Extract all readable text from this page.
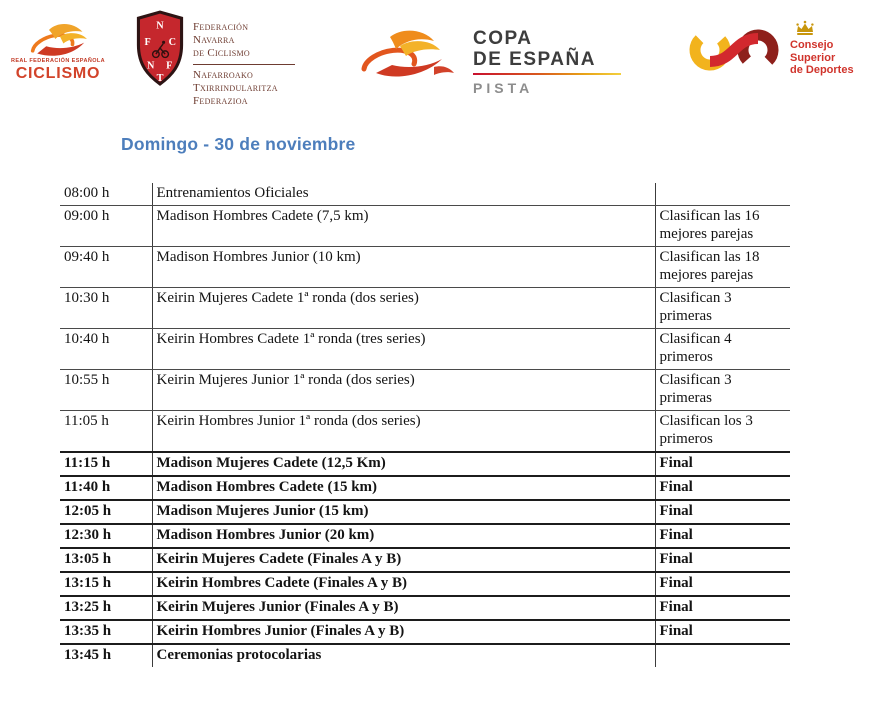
REAL FEDERACIÓN ESPAÑOLA
CICLISMO
N
F C
N F
T
Federación
Navarra
de Ciclismo
Nafarroako
Txirrindularitza
Federazioa
COPA
DE ESPAÑA
PISTA
Consejo
Superior
de Deportes
Domingo - 30 de noviembre
08:00 h	Entrenamientos Oficiales	
09:00 h	Madison Hombres Cadete (7,5 km)	Clasifican las 16 mejores parejas
09:40 h	Madison Hombres Junior (10 km)	Clasifican las 18 mejores parejas
10:30 h	Keirin Mujeres Cadete 1ª ronda (dos series)	Clasifican 3 primeras
10:40 h	Keirin Hombres Cadete 1ª ronda (tres series)	Clasifican 4 primeros
10:55 h	Keirin Mujeres Junior 1ª ronda (dos series)	Clasifican 3 primeras
11:05 h	Keirin Hombres Junior 1ª ronda (dos series)	Clasifican los 3 primeros
11:15 h	Madison Mujeres Cadete (12,5 Km)	Final
11:40 h	Madison Hombres Cadete (15 km)	Final
12:05 h	Madison Mujeres Junior (15 km)	Final
12:30 h	Madison Hombres Junior (20 km)	Final
13:05 h	Keirin Mujeres Cadete (Finales A y B)	Final
13:15 h	Keirin Hombres Cadete (Finales A y B)	Final
13:25 h	Keirin Mujeres Junior (Finales A y B)	Final
13:35 h	Keirin Hombres Junior (Finales A y B)	Final
13:45 h	Ceremonias protocolarias	
